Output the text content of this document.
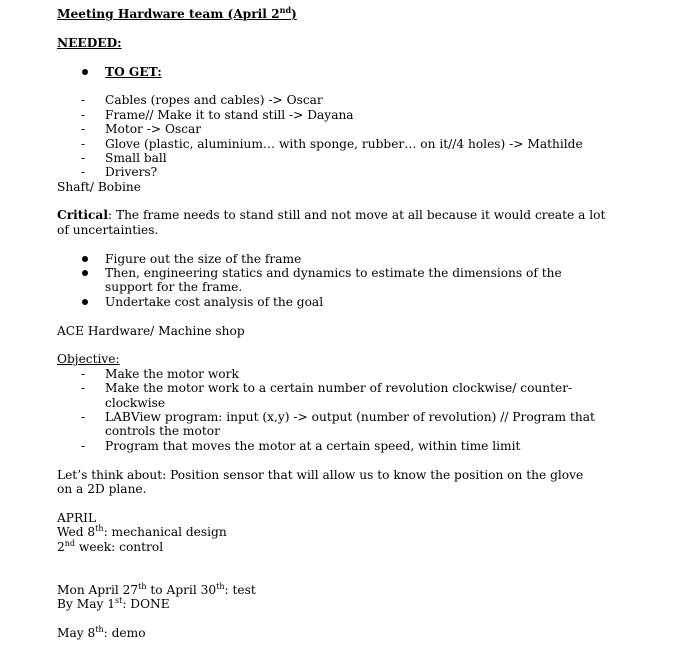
Meeting Hardware team (April 2nd)
NEEDED:
TO GET:
- Cables (ropes and cables) -> Oscar
- Frame// Make it to stand still -> Dayana
- Motor -> Oscar
- Glove (plastic, aluminium… with sponge, rubber… on it//4 holes) -> Mathilde
- Small ball
- Drivers?
Shaft/ Bobine
Critical: The frame needs to stand still and not move at all because it would create a lot of uncertainties.
Figure out the size of the frame
Then, engineering statics and dynamics to estimate the dimensions of the support for the frame.
Undertake cost analysis of the goal
ACE Hardware/ Machine shop
Objective:
- Make the motor work
- Make the motor work to a certain number of revolution clockwise/ counter-clockwise
- LABView program: input (x,y) -> output (number of revolution) // Program that controls the motor
- Program that moves the motor at a certain speed, within time limit
Let’s think about: Position sensor that will allow us to know the position on the glove on a 2D plane.
APRIL
Wed 8th: mechanical design
2nd week: control
Mon April 27th to April 30th: test
By May 1st: DONE
May 8th: demo
